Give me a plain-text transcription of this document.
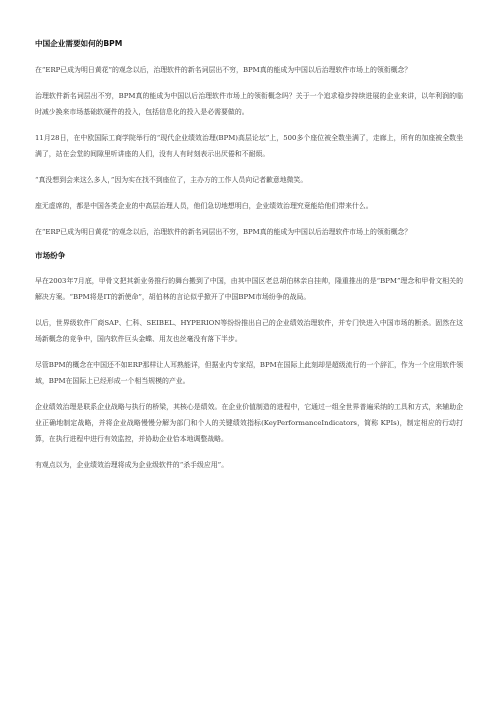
中国企业需要如何的BPM

在“ERP已成为明日黄花”的观念以后，治理软件的新名词层出不穷，BPM真的能成为中国以后治理软件市场上的领衔概念？

治理软件新名词层出不穷，BPM真的能成为中国以后治理软件市场上的领衔概念吗？关于一个追求稳步持续进展的企业来讲，以年利润的临时减少换来市场基础软硬件的投入，包括信息化的投入是必需要做的。

11月28日，在中欧国际工商学院举行的“现代企业绩效治理(BPM)高层论坛”上，500多个座位被全数坐满了，走廊上，所有的加座被全数坐满了，站在会堂的间隙里听讲座的人们，没有人有时刻表示出厌倦和不耐烦。

“真没想到会来这么多人，”因为实在找不到座位了，主办方的工作人员向记者歉意地微笑。

座无虚席的，都是中国各类企业的中高层治理人员，他们急切地想明白，企业绩效治理究竟能给他们带来什么。

在“ERP已成为明日黄花”的观念以后，治理软件的新名词层出不穷，BPM真的能成为中国以后治理软件市场上的领衔概念？

市场纷争

早在2003年7月底，甲骨文把其新业务推行的舞台搬到了中国，由其中国区老总胡伯林亲自挂帅，隆重推出的是“BPM”理念和甲骨文相关的解决方案。“BPM将是IT的新使命”，胡伯林的言论似乎掀开了中国BPM市场纷争的战局。

以后，世界级软件厂商SAP、仁科、SEIBEL、HYPERION等纷纷推出自己的企业绩效治理软件，并专门快进入中国市场的断杀。固然在这场新概念的竞争中，国内软件巨头金蝶、用友也丝毫没有落下半步。

尽管BPM的概念在中国还不如ERP那样让人耳熟能详，但据业内专家绍，BPM在国际上此刻却是超级流行的一个辞汇，作为一个应用软件领域，BPM在国际上已经形成一个相当规模的产业。

企业绩效治理是联系企业战略与执行的桥梁，其核心是绩效。在企业价值制造的进程中，它通过一组全世界普遍采纳的工具和方式，来辅助企业正确地制定战略，并将企业战略慢慢分解为部门和个人的关键绩效指标(KeyPerformanceIndicators，简称 KPIs)，制定相应的行动打算，在执行进程中进行有效监控，并协助企业恰本地调整战略。

有观点以为，企业绩效治理将成为企业级软件的“杀手级应用”。
